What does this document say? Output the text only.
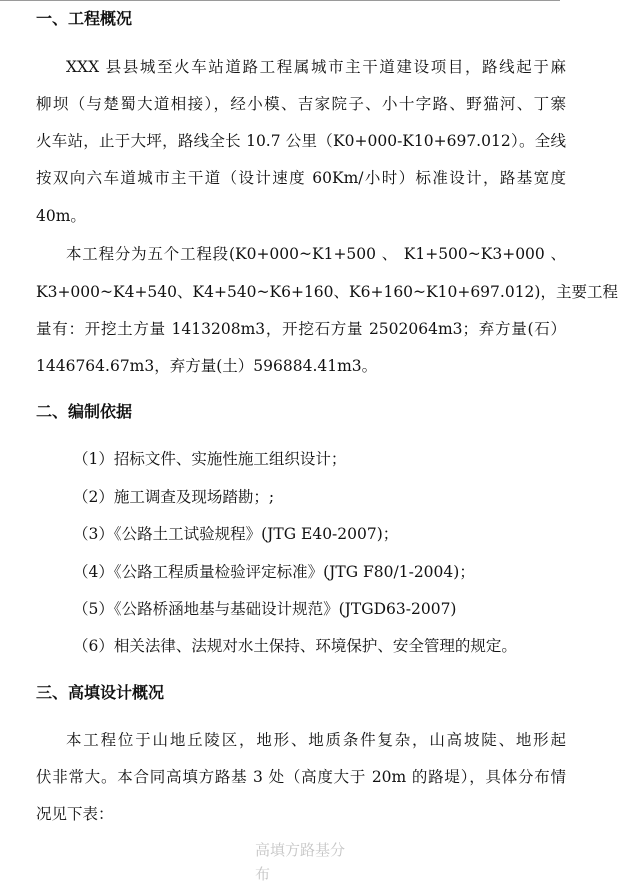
一、工程概况
XXX 县县城至火车站道路工程属城市主干道建设项目，路线起于麻
柳坝（与楚蜀大道相接），经小模、吉家院子、小十字路、野猫河、丁寨
火车站，止于大坪，路线全长 10.7 公里（K0+000-K10+697.012）。全线
按双向六车道城市主干道（设计速度 60Km/小时）标准设计，路基宽度
40m。
本工程分为五个工程段(K0+000~K1+500 、 K1+500~K3+000 、
K3+000~K4+540、K4+540~K6+160、K6+160~K10+697.012)，主要工程
量有：开挖土方量 1413208m3，开挖石方量 2502064m3；弃方量(石）
1446764.67m3，弃方量(土）596884.41m3。
二、编制依据
（1）招标文件、实施性施工组织设计；
（2）施工调查及现场踏勘；;
（3）《公路土工试验规程》(JTG E40-2007)；
（4）《公路工程质量检验评定标准》(JTG F80/1-2004)；
（5）《公路桥涵地基与基础设计规范》(JTGD63-2007)
（6）相关法律、法规对水土保持、环境保护、安全管理的规定。
三、高填设计概况
本工程位于山地丘陵区，地形、地质条件复杂，山高坡陡、地形起
伏非常大。本合同高填方路基 3 处（高度大于 20m 的路堤），具体分布情
况见下表：
高填方路基分布
